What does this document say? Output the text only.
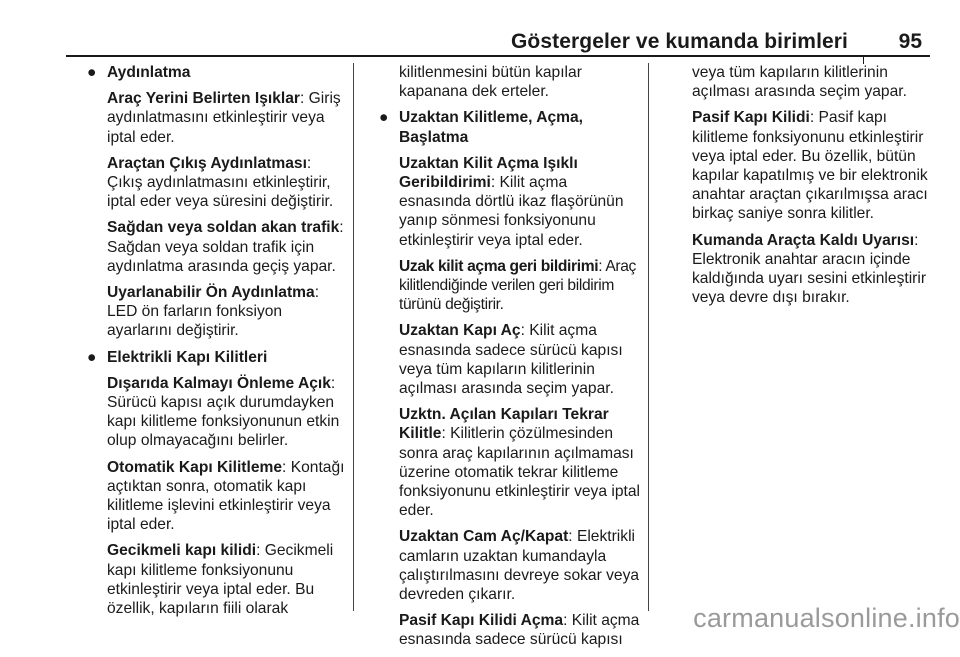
Göstergeler ve kumanda birimleri 95

● Aydınlatma

Araç Yerini Belirten Işıklar: Giriş aydınlatmasını etkinleştirir veya iptal eder.

Araçtan Çıkış Aydınlatması: Çıkış aydınlatmasını etkinleştirir, iptal eder veya süresini değiştirir.

Sağdan veya soldan akan trafik: Sağdan veya soldan trafik için aydınlatma arasında geçiş yapar.

Uyarlanabilir Ön Aydınlatma: LED ön farların fonksiyon ayarlarını değiştirir.

● Elektrikli Kapı Kilitleri

Dışarıda Kalmayı Önleme Açık: Sürücü kapısı açık durumdayken kapı kilitleme fonksiyonunun etkin olup olmayacağını belirler.

Otomatik Kapı Kilitleme: Kontağı açtıktan sonra, otomatik kapı kilitleme işlevini etkinleştirir veya iptal eder.

Gecikmeli kapı kilidi: Gecikmeli kapı kilitleme fonksiyonunu etkinleştirir veya iptal eder. Bu özellik, kapıların fiili olarak

kilitlenmesini bütün kapılar kapanana dek erteler.

● Uzaktan Kilitleme, Açma, Başlatma

Uzaktan Kilit Açma Işıklı Geribildirimi: Kilit açma esnasında dörtlü ikaz flaşörünün yanıp sönmesi fonksiyonunu etkinleştirir veya iptal eder.

Uzak kilit açma geri bildirimi: Araç kilitlendiğinde verilen geri bildirim türünü değiştirir.

Uzaktan Kapı Aç: Kilit açma esnasında sadece sürücü kapısı veya tüm kapıların kilitlerinin açılması arasında seçim yapar.

Uzktn. Açılan Kapıları Tekrar Kilitle: Kilitlerin çözülmesinden sonra araç kapılarının açılmaması üzerine otomatik tekrar kilitleme fonksiyonunu etkinleştirir veya iptal eder.

Uzaktan Cam Aç/Kapat: Elektrikli camların uzaktan kumandayla çalıştırılmasını devreye sokar veya devreden çıkarır.

Pasif Kapı Kilidi Açma: Kilit açma esnasında sadece sürücü kapısı

veya tüm kapıların kilitlerinin açılması arasında seçim yapar.

Pasif Kapı Kilidi: Pasif kapı kilitleme fonksiyonunu etkinleştirir veya iptal eder. Bu özellik, bütün kapılar kapatılmış ve bir elektronik anahtar araçtan çıkarılmışsa aracı birkaç saniye sonra kilitler.

Kumanda Araçta Kaldı Uyarısı: Elektronik anahtar aracın içinde kaldığında uyarı sesini etkinleştirir veya devre dışı bırakır.

carmanualsonline.info
